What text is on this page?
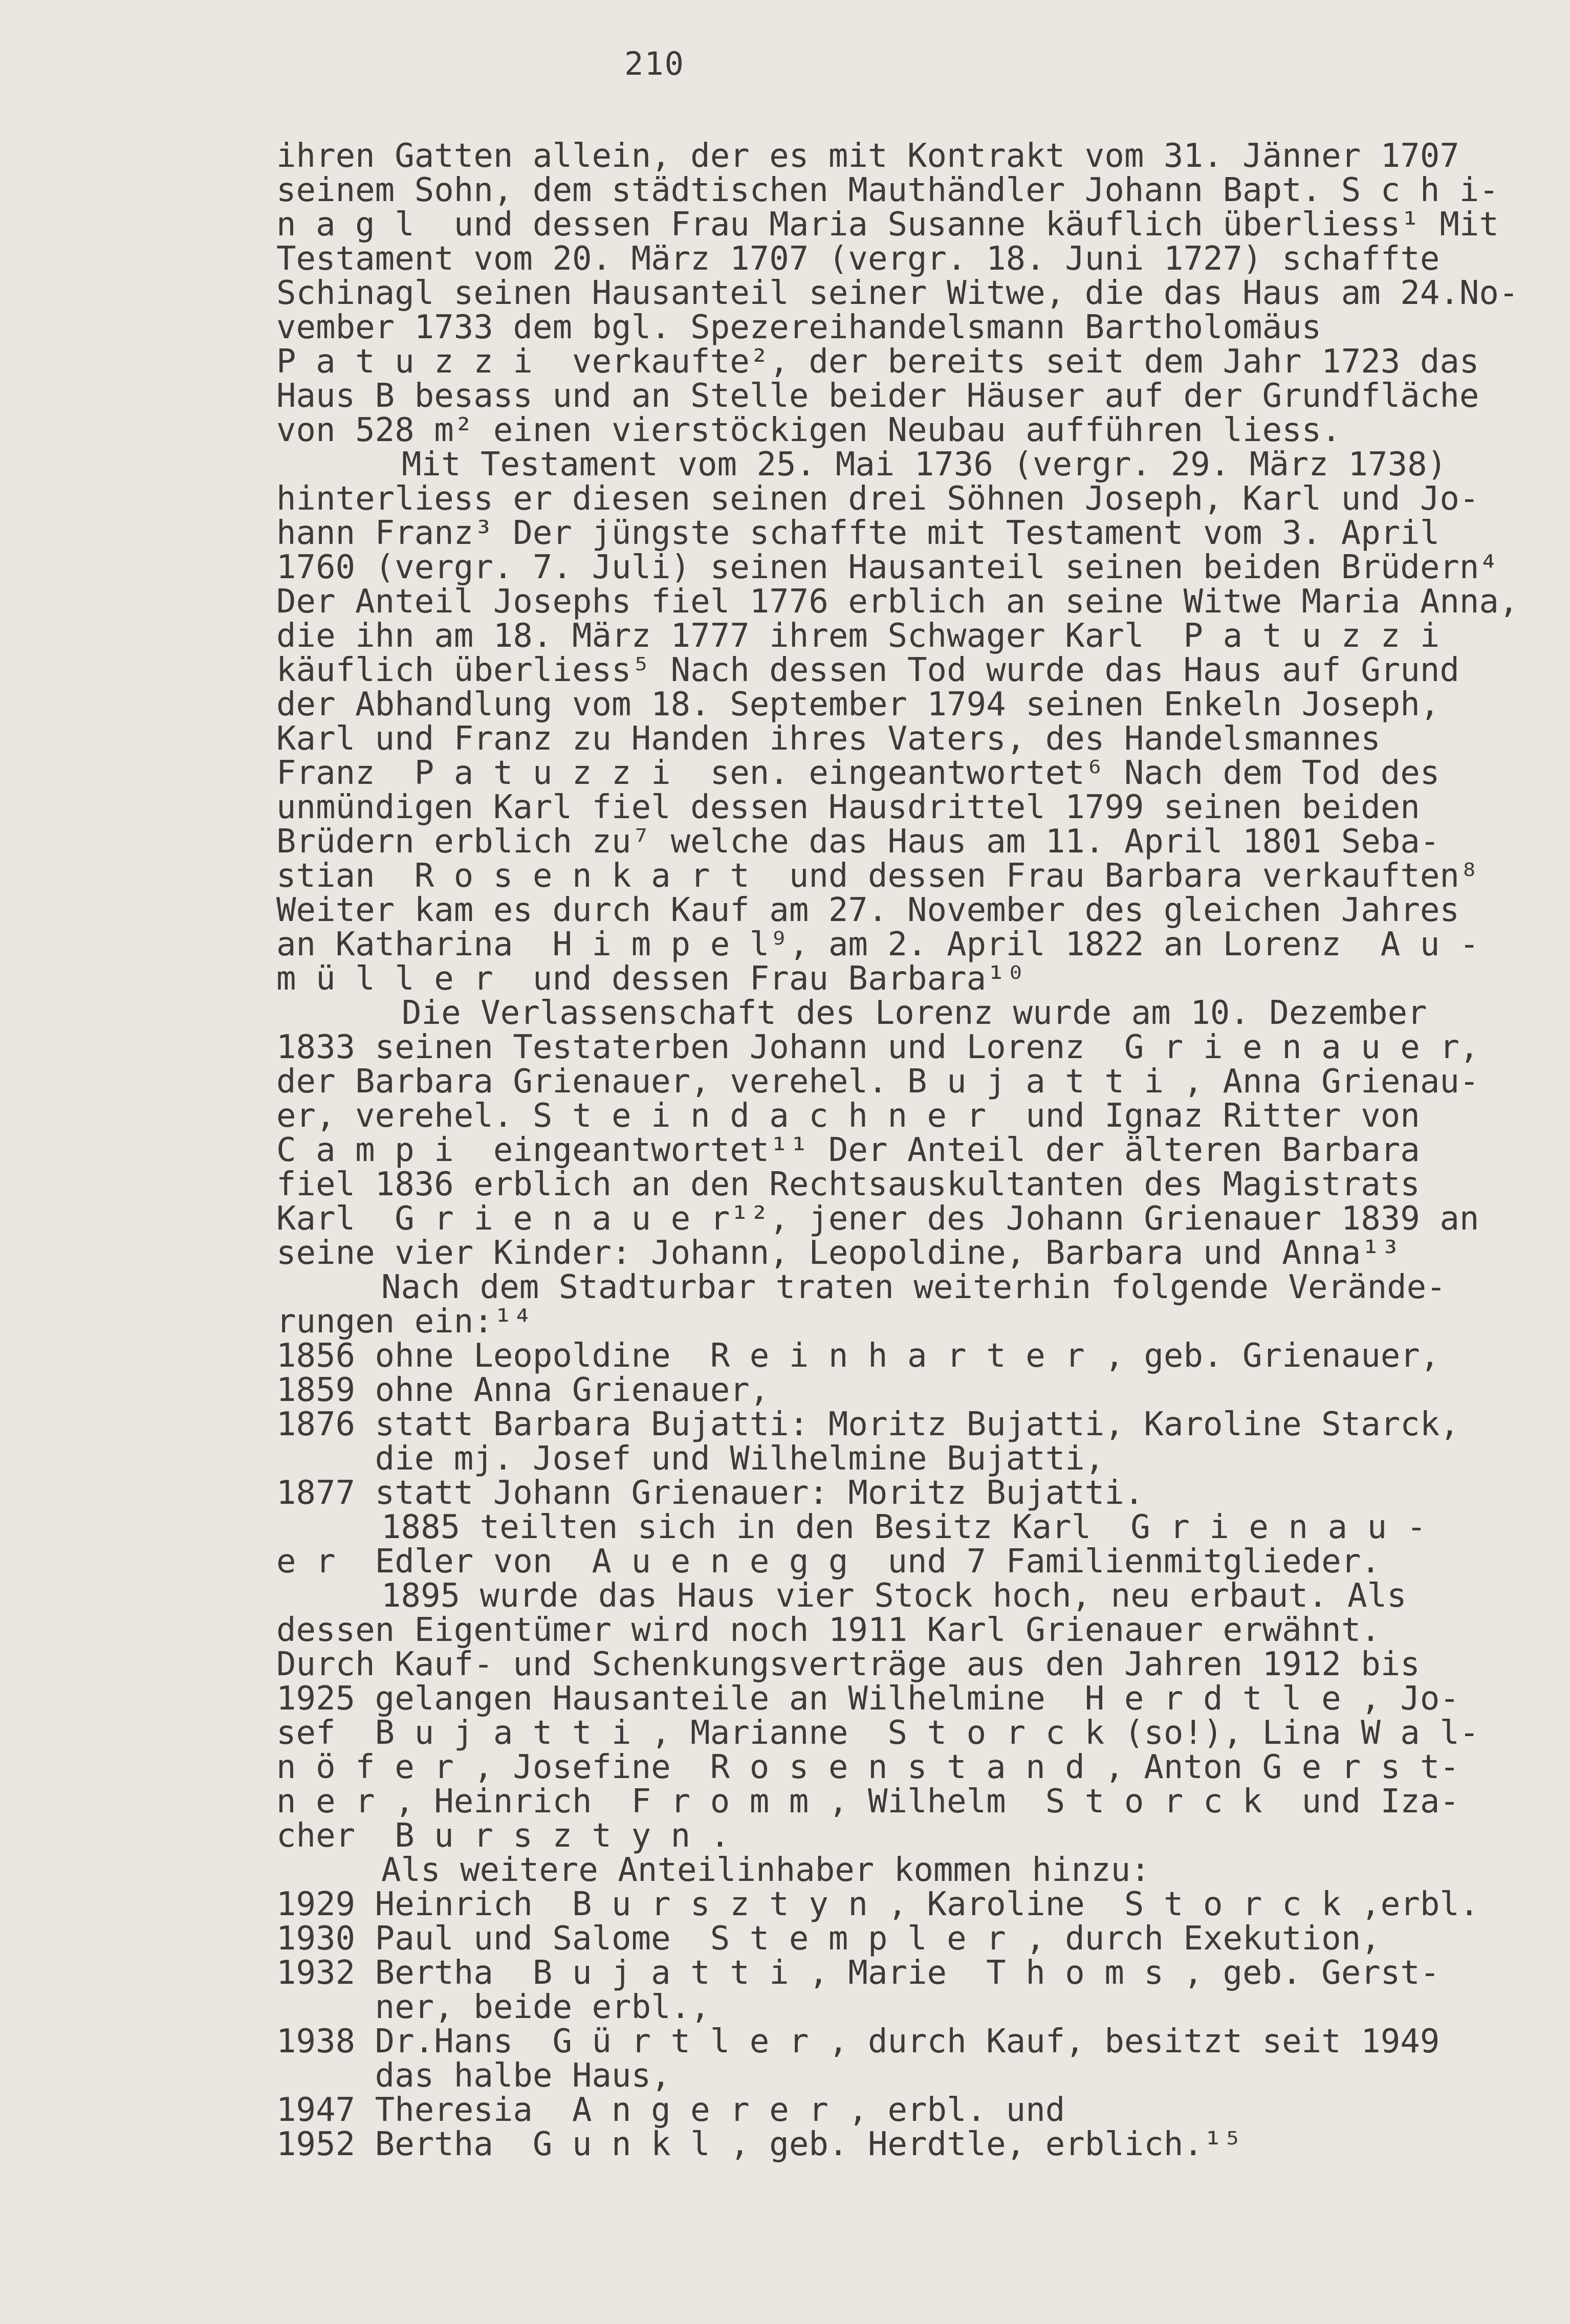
210
ihren Gatten allein, der es mit Kontrakt vom 31. Jänner 1707
seinem Sohn, dem städtischen Mauthändler Johann Bapt. S c h i-
n a g l  und dessen Frau Maria Susanne käuflich überliess¹ Mit
Testament vom 20. März 1707 (vergr. 18. Juni 1727) schaffte
Schinagl seinen Hausanteil seiner Witwe, die das Haus am 24.No-
vember 1733 dem bgl. Spezereihandelsmann Bartholomäus
P a t u z z i  verkaufte², der bereits seit dem Jahr 1723 das
Haus B besass und an Stelle beider Häuser auf der Grundfläche
von 528 m² einen vierstöckigen Neubau aufführen liess.
Mit Testament vom 25. Mai 1736 (vergr. 29. März 1738)
hinterliess er diesen seinen drei Söhnen Joseph, Karl und Jo-
hann Franz³ Der jüngste schaffte mit Testament vom 3. April
1760 (vergr. 7. Juli) seinen Hausanteil seinen beiden Brüdern⁴
Der Anteil Josephs fiel 1776 erblich an seine Witwe Maria Anna,
die ihn am 18. März 1777 ihrem Schwager Karl  P a t u z z i
käuflich überliess⁵ Nach dessen Tod wurde das Haus auf Grund
der Abhandlung vom 18. September 1794 seinen Enkeln Joseph,
Karl und Franz zu Handen ihres Vaters, des Handelsmannes
Franz  P a t u z z i  sen. eingeantwortet⁶ Nach dem Tod des
unmündigen Karl fiel dessen Hausdrittel 1799 seinen beiden
Brüdern erblich zu⁷ welche das Haus am 11. April 1801 Seba-
stian  R o s e n k a r t  und dessen Frau Barbara verkauften⁸
Weiter kam es durch Kauf am 27. November des gleichen Jahres
an Katharina  H i m p e l⁹, am 2. April 1822 an Lorenz  A u -
m ü l l e r  und dessen Frau Barbara¹⁰
Die Verlassenschaft des Lorenz wurde am 10. Dezember
1833 seinen Testaterben Johann und Lorenz  G r i e n a u e r,
der Barbara Grienauer, verehel. B u j a t t i , Anna Grienau-
er, verehel. S t e i n d a c h n e r  und Ignaz Ritter von
C a m p i  eingeantwortet¹¹ Der Anteil der älteren Barbara
fiel 1836 erblich an den Rechtsauskultanten des Magistrats
Karl  G r i e n a u e r¹², jener des Johann Grienauer 1839 an
seine vier Kinder: Johann, Leopoldine, Barbara und Anna¹³
Nach dem Stadturbar traten weiterhin folgende Verände-
rungen ein:¹⁴
1856 ohne Leopoldine  R e i n h a r t e r , geb. Grienauer,
1859 ohne Anna Grienauer,
1876 statt Barbara Bujatti: Moritz Bujatti, Karoline Starck,
die mj. Josef und Wilhelmine Bujatti,
1877 statt Johann Grienauer: Moritz Bujatti.
1885 teilten sich in den Besitz Karl  G r i e n a u -
e r  Edler von  A u e n e g g  und 7 Familienmitglieder.
1895 wurde das Haus vier Stock hoch, neu erbaut. Als
dessen Eigentümer wird noch 1911 Karl Grienauer erwähnt.
Durch Kauf- und Schenkungsverträge aus den Jahren 1912 bis
1925 gelangen Hausanteile an Wilhelmine  H e r d t l e , Jo-
sef  B u j a t t i , Marianne  S t o r c k (so!), Lina W a l-
n ö f e r , Josefine  R o s e n s t a n d , Anton G e r s t-
n e r , Heinrich  F r o m m , Wilhelm  S t o r c k  und Iza-
cher  B u r s z t y n .
Als weitere Anteilinhaber kommen hinzu:
1929 Heinrich  B u r s z t y n , Karoline  S t o r c k ,erbl.
1930 Paul und Salome  S t e m p l e r , durch Exekution,
1932 Bertha  B u j a t t i , Marie  T h o m s , geb. Gerst-
ner, beide erbl.,
1938 Dr.Hans  G ü r t l e r , durch Kauf, besitzt seit 1949
das halbe Haus,
1947 Theresia  A n g e r e r , erbl. und
1952 Bertha  G u n k l , geb. Herdtle, erblich.¹⁵
